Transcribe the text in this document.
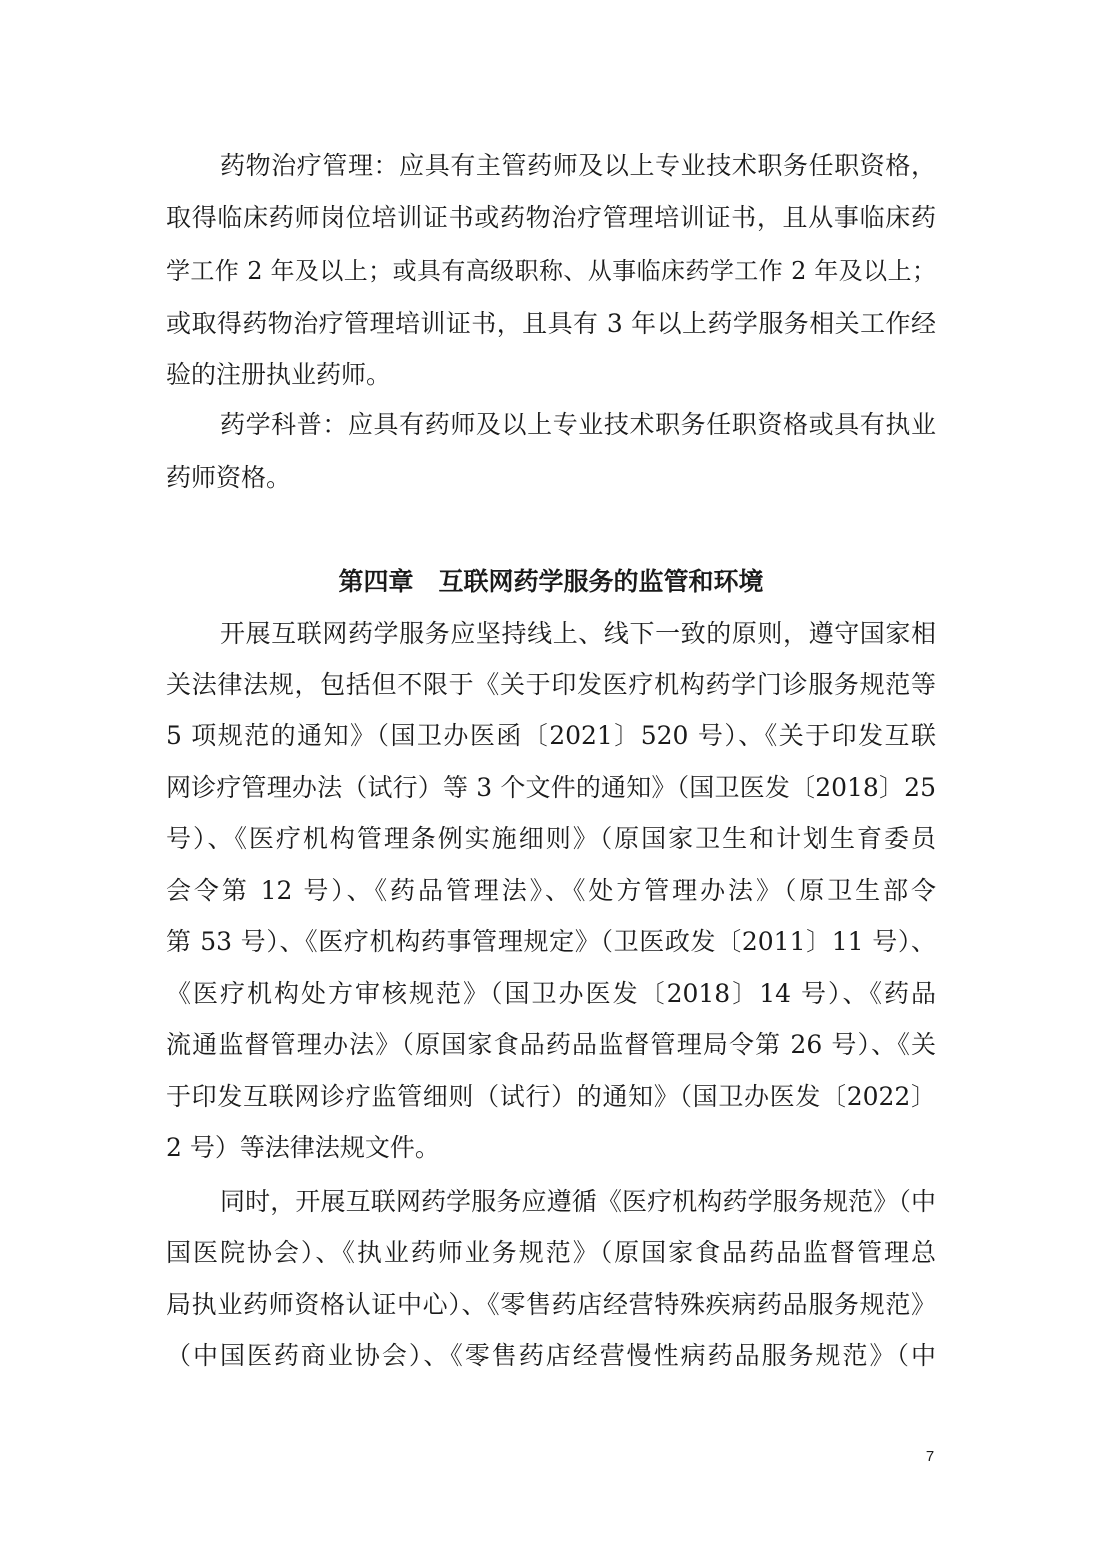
药物治疗管理：应具有主管药师及以上专业技术职务任职资格，
取得临床药师岗位培训证书或药物治疗管理培训证书，且从事临床药
学工作 2 年及以上；或具有高级职称、从事临床药学工作 2 年及以上；
或取得药物治疗管理培训证书，且具有 3 年以上药学服务相关工作经
验的注册执业药师。
药学科普：应具有药师及以上专业技术职务任职资格或具有执业
药师资格。
第四章　互联网药学服务的监管和环境
开展互联网药学服务应坚持线上、线下一致的原则，遵守国家相
关法律法规，包括但不限于《关于印发医疗机构药学门诊服务规范等
5 项规范的通知》（国卫办医函〔2021〕520 号）、《关于印发互联
网诊疗管理办法（试行）等 3 个文件的通知》（国卫医发〔2018〕25
号）、《医疗机构管理条例实施细则》（原国家卫生和计划生育委员
会令第 12 号）、《药品管理法》、《处方管理办法》（原卫生部令
第 53 号）、《医疗机构药事管理规定》（卫医政发〔2011〕11 号）、
《医疗机构处方审核规范》（国卫办医发〔2018〕14 号）、《药品
流通监督管理办法》（原国家食品药品监督管理局令第 26 号）、《关
于印发互联网诊疗监管细则（试行）的通知》（国卫办医发〔2022〕
2 号）等法律法规文件。
同时，开展互联网药学服务应遵循《医疗机构药学服务规范》（中
国医院协会）、《执业药师业务规范》（原国家食品药品监督管理总
局执业药师资格认证中心）、《零售药店经营特殊疾病药品服务规范》
（中国医药商业协会）、《零售药店经营慢性病药品服务规范》（中
7
